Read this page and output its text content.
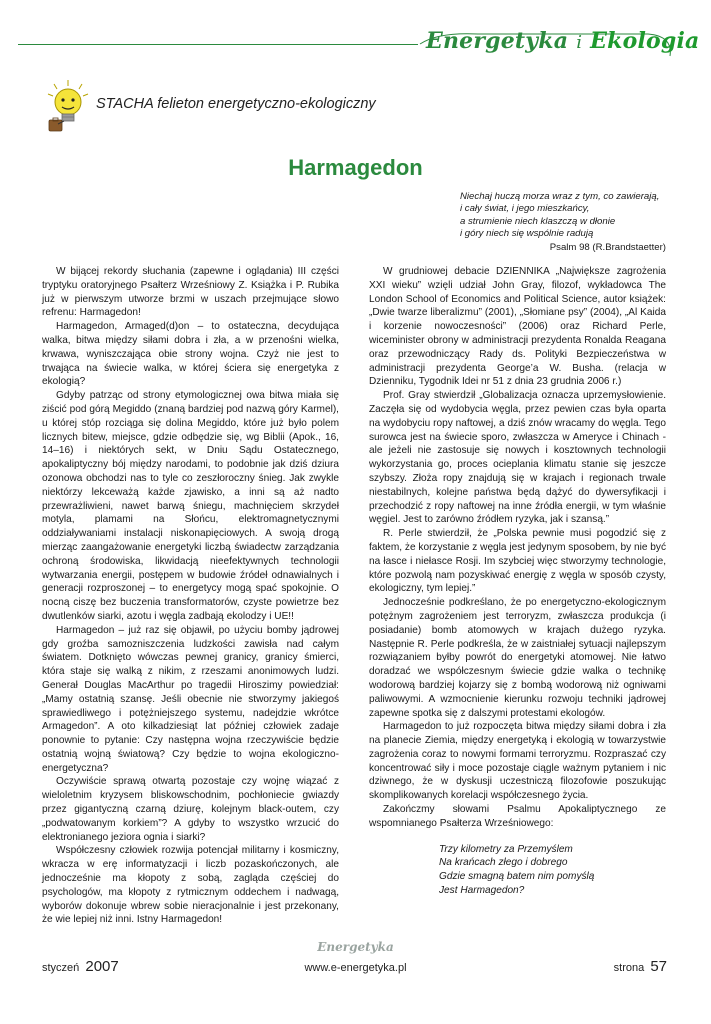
Energetyka i Ekologia
STACHA felieton energetyczno-ekologiczny
Harmagedon
Niechaj huczą morza wraz z tym, co zawierają,
i cały świat, i jego mieszkańcy,
a strumienie niech klaszczą w dłonie
i góry niech się wspólnie radują
Psalm 98 (R.Brandstaetter)

W bijącej rekordy słuchania (zapewne i oglądania) III części tryptyku oratoryjnego Psałterz Wrześniowy Z. Książka i P. Rubika już w pierwszym utworze brzmi w uszach przejmujące słowo refrenu: Harmagedon!

Harmagedon, Armaged(d)on – to ostateczna, decydująca walka, bitwa między siłami dobra i zła, a w przenośni wielka, krwawa, wyniszczająca obie strony wojna. Czyż nie jest to trwająca na świecie walka, w której ściera się energetyka z ekologią?

Gdyby patrząc od strony etymologicznej owa bitwa miała się ziścić pod górą Megiddo (znaną bardziej pod nazwą góry Karmel), u której stóp rozciąga się dolina Megiddo, które już było polem licznych bitew, miejsce, gdzie odbędzie się, wg Biblii (Apok., 16, 14–16) i niektórych sekt, w Dniu Sądu Ostatecznego, apokaliptyczny bój między narodami, to podobnie jak dziś dziura ozonowa obchodzi nas to tyle co zeszłoroczny śnieg. Jak zwykle niektórzy lekceważą każde zjawisko, a inni są aż nadto przewrażliwieni, nawet barwą śniegu, machnięciem skrzydeł motyla, plamami na Słońcu, elektromagnetycznymi oddziaływaniami instalacji niskonapięciowych. A swoją drogą mierząc zaangażowanie energetyki liczbą świadectw zarządzania ochroną środowiska, likwidacją nieefektywnych technologii wytwarzania energii, postępem w budowie źródeł odnawialnych i generacji rozproszonej – to energetycy mogą spać spokojnie. O nocną ciszę bez buczenia transformatorów, czyste powietrze bez dwutlenków siarki, azotu i węgla zadbają ekolodzy i UE!!

Harmagedon – już raz się objawił, po użyciu bomby jądrowej gdy groźba samozniszczenia ludzkości zawisła nad całym światem. Dotknięto wówczas pewnej granicy, granicy śmierci, która staje się walką z nikim, z rzeszami anonimowych ludzi. Generał Douglas MacArthur po tragedii Hiroszimy powiedział: „Mamy ostatnią szansę. Jeśli obecnie nie stworzymy jakiegoś sprawiedliwego i potężniejszego systemu, nadejdzie wkrótce Armagedon”. A oto kilkadziesiąt lat później człowiek zadaje ponownie to pytanie: Czy następna wojna rzeczywiście będzie ostatnią wojną światową? Czy będzie to wojna ekologiczno-energetyczna?

Oczywiście sprawą otwartą pozostaje czy wojnę wiązać z wieloletnim kryzysem bliskowschodnim, pochłoniecie gwiazdy przez gigantyczną czarną dziurę, kolejnym black-outem, czy „podwatowanym korkiem”? A gdyby to wszystko wrzucić do elektronianego jeziora ognia i siarki?

Współczesny człowiek rozwija potencjał militarny i kosmiczny, wkracza w erę informatyzacji i liczb pozaskończonych, ale jednocześnie ma kłopoty z sobą, zagląda częściej do psychologów, ma kłopoty z rytmicznym oddechem i nadwagą, wyborów dokonuje wbrew sobie nieracjonalnie i jest przekonany, że wie lepiej niż inni. Istny Harmagedon!

W grudniowej debacie DZIENNIKA „Największe zagrożenia XXI wieku” wzięli udział John Gray, filozof, wykładowca The London School of Economics and Political Science, autor książek: „Dwie twarze liberalizmu” (2001), „Słomiane psy” (2004), „Al Kaida i korzenie nowoczesności” (2006) oraz Richard Perle, wiceminister obrony w administracji prezydenta Ronalda Reagana oraz przewodniczący Rady ds. Polityki Bezpieczeństwa w administracji prezydenta George’a W. Busha. (relacja w Dzienniku, Tygodnik Idei nr 51 z dnia 23 grudnia 2006 r.)

Prof. Gray stwierdził „Globalizacja oznacza uprzemysłowienie. Zaczęła się od wydobycia węgla, przez pewien czas była oparta na wydobyciu ropy naftowej, a dziś znów wracamy do węgla. Tego surowca jest na świecie sporo, zwłaszcza w Ameryce i Chinach - ale jeżeli nie zastosuje się nowych i kosztownych technologii wykorzystania go, proces ocieplania klimatu stanie się jeszcze szybszy. Złoża ropy znajdują się w krajach i regionach trwale niestabilnych, kolejne państwa będą dążyć do dywersyfikacji i przechodzić z ropy naftowej na inne źródła energii, w tym właśnie węgiel. Jest to zarówno źródłem ryzyka, jak i szansą.”

R. Perle stwierdził, że „Polska pewnie musi pogodzić się z faktem, że korzystanie z węgla jest jedynym sposobem, by nie być na łasce i niełasce Rosji. Im szybciej więc stworzymy technologie, które pozwolą nam pozyskiwać energię z węgla w sposób czysty, ekologiczny, tym lepiej.”

Jednocześnie podkreślano, że po energetyczno-ekologicznym potężnym zagrożeniem jest terroryzm, zwłaszcza produkcja (i posiadanie) bomb atomowych w krajach dużego ryzyka. Następnie R. Perle podkreśla, że w zaistniałej sytuacji najlepszym rozwiązaniem byłby powrót do energetyki atomowej. Nie łatwo doradzać we współczesnym świecie gdzie walka o technikę wodorową bardziej kojarzy się z bombą wodorową niż ogniwami paliwowymi. A wzmocnienie kierunku rozwoju techniki jądrowej zapewne spotka się z dalszymi protestami ekologów.

Harmagedon to już rozpoczęta bitwa między siłami dobra i zła na planecie Ziemia, między energetyką i ekologią w towarzystwie zagrożenia coraz to nowymi formami terroryzmu. Rozpraszać czy koncentrować siły i moce pozostaje ciągle ważnym pytaniem i nic dziwnego, że w dyskusji uczestniczą filozofowie poszukując skomplikowanych korelacji współczesnego życia.

Zakończmy słowami Psalmu Apokaliptycznego ze wspomnianego Psałterza Wrześniowego:

Trzy kilometry za Przemyślem
Na krańcach złego i dobrego
Gdzie smagną batem nim pomyślą
Jest Harmagedon?

Energetyka
styczeń 2007	www.e-energetyka.pl	strona 57
